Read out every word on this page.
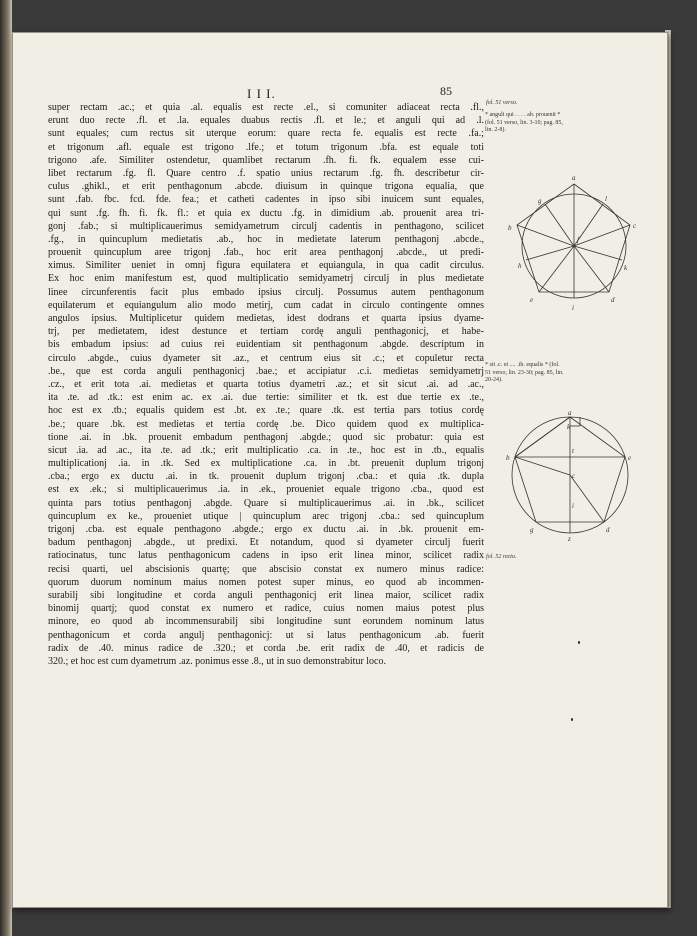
I I I.	85
super rectam .ac.; et quia .al. equalis est recte .el., si comuniter adiaceat recta .fl.,
erunt duo recte .fl. et .la. equales duabus rectis .fl. et le.; et anguli qui ad .l.
sunt equales; cum rectus sit uterque eorum: quare recta fe. equalis est recte .fa.;
et trigonum .afl. equale est trigono .lfe.; et totum trigonum .bfa. est equale toti
trigono .afe. Similiter ostendetur, quamlibet rectarum .fh. fi. fk. equalem esse cui-
libet rectarum .fg. fl. Quare centro .f. spatio unius rectarum .fg. fh. describetur cir-
culus .ghikl., et erit penthagonum .abcde. diuisum in quinque trigona equalia, que
sunt .fab. fbc. fcd. fde. fea.; et catheti cadentes in ipso sibi inuicem sunt equales,
qui sunt .fg. fh. fi. fk. fl.: et quia ex ductu .fg. in dimidium .ab. prouenit area tri-
gonj .fab.; si multiplicauerimus semidyametrum circulj cadentis in penthagono, scilicet
.fg., in quincuplum medietatis .ab., hoc in medietate laterum penthagonj .abcde.,
prouenit quincuplum aree trigonj .fab., hoc erit area penthagonj .abcde., ut predi-
ximus. Similiter ueniet in omnj figura equilatera et equiangula, in qua cadit circulus.
Ex hoc enim manifestum est, quod multiplicatio semidyametrj circulj in plus medietate
linee circunferentis facit plus embado ipsius circulj. Possumus autem penthagonum
equilaterum et equiangulum alio modo metirj, cum cadat in circulo contingente omnes
angulos ipsius. Multiplicetur quidem medietas, idest dodrans et quarta ipsius dyame-
trj, per medietatem, idest destunce et tertiam cordę anguli penthagonicj, et habe-
bis embadum ipsius: ad cuius rei euidentiam sit penthagonum .abgde. descriptum in
circulo .abgde., cuius dyameter sit .az., et centrum eius sit .c.; et copuletur recta
.be., que est corda anguli penthagonicj .bae.; et accipiatur .c.i. medietas semidyametrj
.cz., et erit tota .ai. medietas et quarta totius dyametri .az.; et sit sicut .ai. ad .ac.,
ita .te. ad .tk.: est enim ac. ex .ai. due tertie: similiter et tk. est due tertie ex .te.,
hoc est ex .tb.; equalis quidem est .bt. ex .te.; quare .tk. est tertia pars totius cordę
.be.; quare .bk. est medietas et tertia cordę .be. Dico quidem quod ex multiplica-
tione .ai. in .bk. prouenit embadum penthagonj .abgde.; quod sic probatur: quia est
sicut .ia. ad .ac., ita .te. ad .tk.; erit multiplicatio .ca. in .te., hoc est in .tb., equalis
multiplicationj .ia. in .tk. Sed ex multiplicatione .ca. in .bt. preuenit duplum trigonj
.cba.; ergo ex ductu .ai. in tk. prouenit duplum trigonj .cba.: et quia .tk. dupla
est ex .ek.; si multiplicauerimus .ia. in .ek., proueniet equale trigono .cba., quod est
quinta pars totius penthagonj .abgde. Quare si multiplicauerimus .ai. in .bk., scilicet
quincuplum ex ke., proueniet utique | quincuplum arec trigonj .cba.: sed quincuplum
trigonj .cba. est equale penthagono .abgde.; ergo ex ductu .ai. in .bk. prouenit em-
badum penthagonj .abgde., ut predixi. Et notandum, quod si dyameter circulj fuerit
ratiocinatus, tunc latus penthagonicum cadens in ipso erit linea minor, scilicet radix
recisi quarti, uel abscisionis quartę; que abscisio constat ex numero minus radice:
quorum duorum nominum maius nomen potest super minus, eo quod ab incommen-
surabilj sibi longitudine et corda anguli penthagonicj erit linea maior, scilicet radix
binomij quartj; quod constat ex numero et radice, cuius nomen maius potest plus
minore, eo quod ab incommensurabilj sibi longitudine sunt eorundem nominum latus
penthagonicum et corda angulj penthagonicj: ut si latus penthagonicum .ab. fuerit
radix de .40. minus radice de .320.; et corda .be. erit radix de .40, et radicis de
320.; et hoc est cum dyametrum .az. ponimus esse .8., ut in suo demonstrabitur loco.
fol. 51 verso.
* anguli qui . . . . ab. prouenit *
(fol. 51 verso, lin. 3-10; pag. 85,
lin. 2-8).
* sit .c. et .... .tb. equalis * (fol.
51 verso, lin. 23-30; pag. 85, lin.
20-24).
fol. 52 recto.
a
c
d
e
b
f
g	l
k
i
h
a
b	e
k
t
c
i
z
g	d
